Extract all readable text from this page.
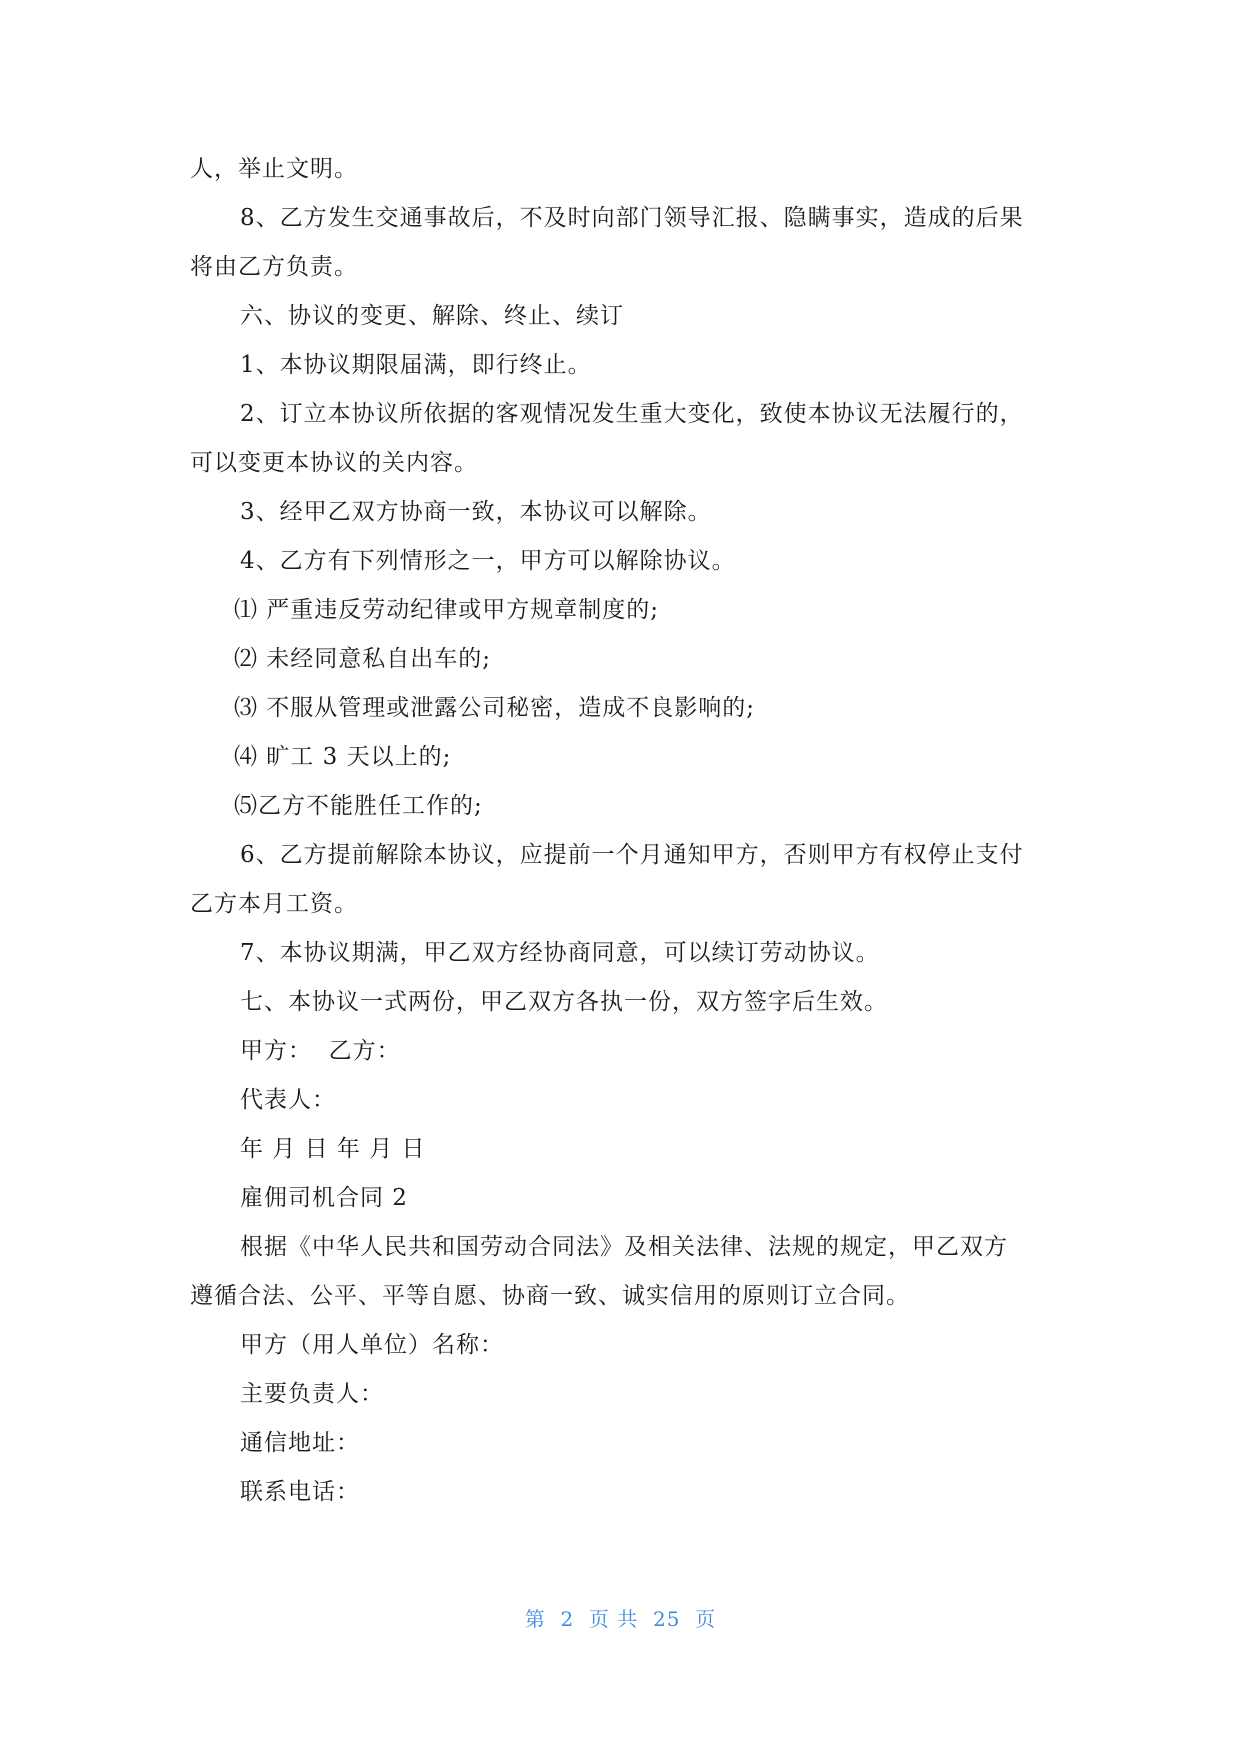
人，举止文明。
8、乙方发生交通事故后，不及时向部门领导汇报、隐瞒事实，造成的后果
将由乙方负责。
六、协议的变更、解除、终止、续订
1、本协议期限届满，即行终止。
2、订立本协议所依据的客观情况发生重大变化，致使本协议无法履行的，
可以变更本协议的关内容。
3、经甲乙双方协商一致，本协议可以解除。
4、乙方有下列情形之一，甲方可以解除协议。
⑴ 严重违反劳动纪律或甲方规章制度的;
⑵ 未经同意私自出车的;
⑶ 不服从管理或泄露公司秘密，造成不良影响的;
⑷ 旷工 3 天以上的;
⑸乙方不能胜任工作的;
6、乙方提前解除本协议，应提前一个月通知甲方，否则甲方有权停止支付
乙方本月工资。
7、本协议期满，甲乙双方经协商同意，可以续订劳动协议。
七、本协议一式两份，甲乙双方各执一份，双方签字后生效。
甲方：  乙方：
代表人：
年 月 日 年 月 日
雇佣司机合同 2
根据《中华人民共和国劳动合同法》及相关法律、法规的规定，甲乙双方
遵循合法、公平、平等自愿、协商一致、诚实信用的原则订立合同。
甲方（用人单位）名称：
主要负责人：
通信地址：
联系电话：
第  2  页 共  25  页
